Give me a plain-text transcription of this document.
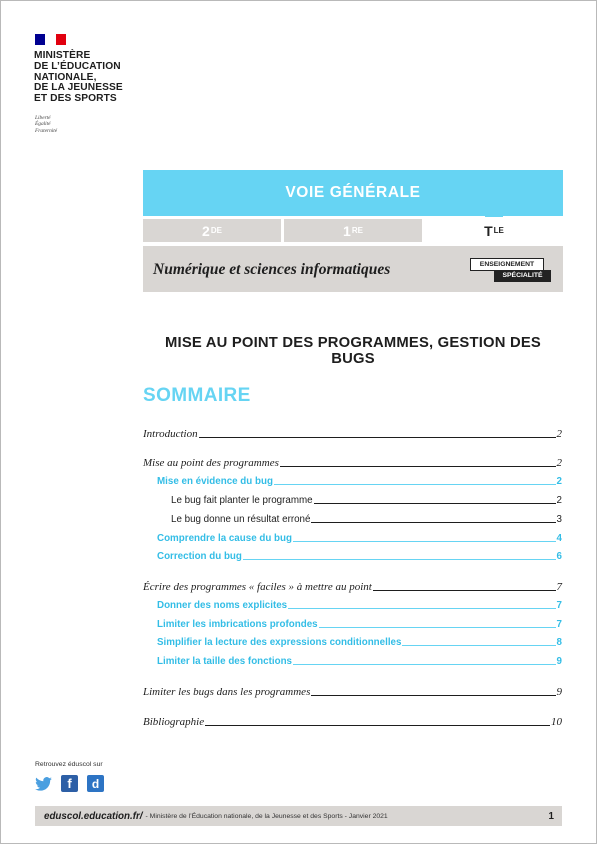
MINISTÈRE
DE L’ÉDUCATION
NATIONALE,
DE LA JEUNESSE
ET DES SPORTS
Liberté
Égalité
Fraternité
VOIE GÉNÉRALE
2 DE	1 RE	T LE
Numérique et sciences informatiques	ENSEIGNEMENT
SPÉCIALITÉ
MISE AU POINT DES PROGRAMMES, GESTION DES BUGS
SOMMAIRE
Introduction	2
Mise au point des programmes	2
Mise en évidence du bug	2
Le bug fait planter le programme	2
Le bug donne un résultat erroné	3
Comprendre la cause du bug	4
Correction du bug	6
Écrire des programmes « faciles » à mettre au point	7
Donner des noms explicites	7
Limiter les imbrications profondes	7
Simplifier la lecture des expressions conditionnelles	8
Limiter la taille des fonctions	9
Limiter les bugs dans les programmes	9
Bibliographie	10
Retrouvez éduscol sur
f d
eduscol.education.fr/ - Ministère de l’Éducation nationale, de la Jeunesse et des Sports - Janvier 2021	1
